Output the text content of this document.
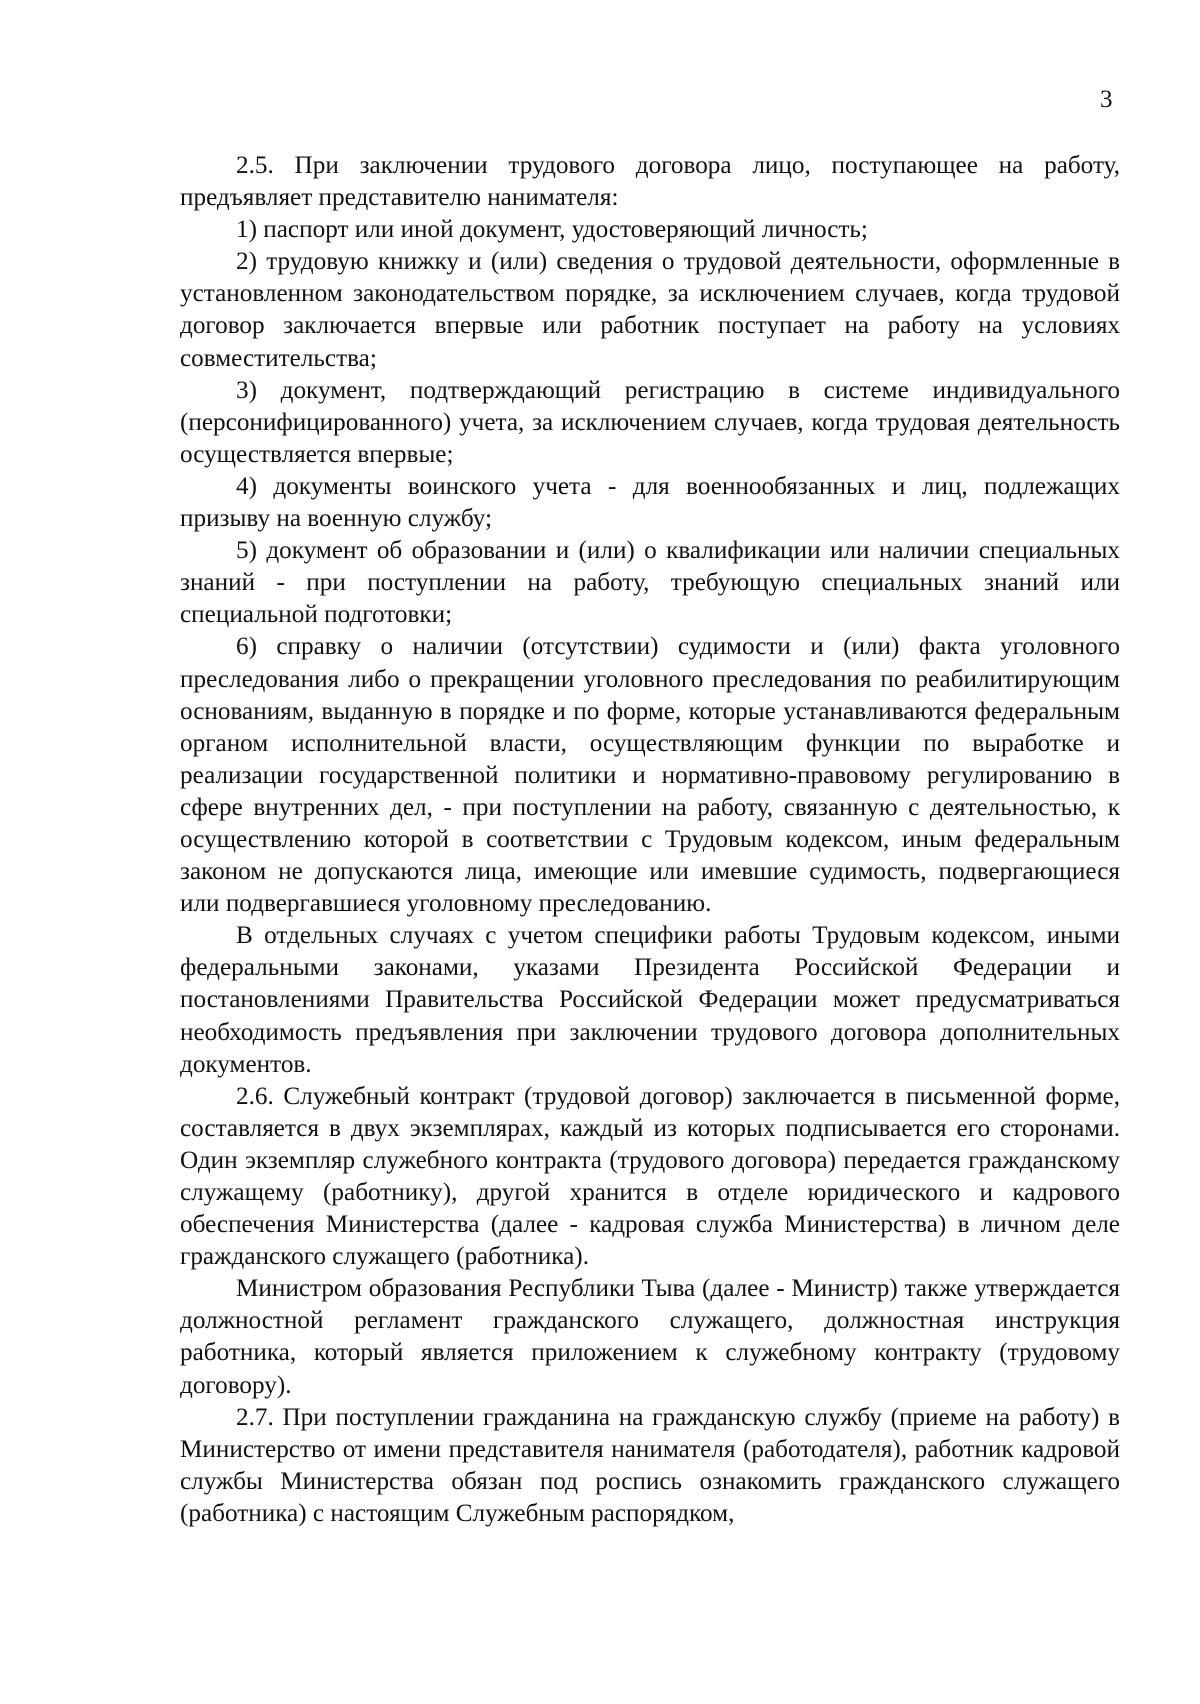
3

2.5. При заключении трудового договора лицо, поступающее на работу, предъявляет представителю нанимателя:

1) паспорт или иной документ, удостоверяющий личность;

2) трудовую книжку и (или) сведения о трудовой деятельности, оформленные в установленном законодательством порядке, за исключением случаев, когда трудовой договор заключается впервые или работник поступает на работу на условиях совместительства;

3) документ, подтверждающий регистрацию в системе индивидуального (персонифицированного) учета, за исключением случаев, когда трудовая деятельность осуществляется впервые;

4) документы воинского учета - для военнообязанных и лиц, подлежащих призыву на военную службу;

5) документ об образовании и (или) о квалификации или наличии специальных знаний - при поступлении на работу, требующую специальных знаний или специальной подготовки;

6) справку о наличии (отсутствии) судимости и (или) факта уголовного преследования либо о прекращении уголовного преследования по реабилитирующим основаниям, выданную в порядке и по форме, которые устанавливаются федеральным органом исполнительной власти, осуществляющим функции по выработке и реализации государственной политики и нормативно-правовому регулированию в сфере внутренних дел, - при поступлении на работу, связанную с деятельностью, к осуществлению которой в соответствии с Трудовым кодексом, иным федеральным законом не допускаются лица, имеющие или имевшие судимость, подвергающиеся или подвергавшиеся уголовному преследованию.

В отдельных случаях с учетом специфики работы Трудовым кодексом, иными федеральными законами, указами Президента Российской Федерации и постановлениями Правительства Российской Федерации может предусматриваться необходимость предъявления при заключении трудового договора дополнительных документов.

2.6. Служебный контракт (трудовой договор) заключается в письменной форме, составляется в двух экземплярах, каждый из которых подписывается его сторонами. Один экземпляр служебного контракта (трудового договора) передается гражданскому служащему (работнику), другой хранится в отделе юридического и кадрового обеспечения Министерства (далее - кадровая служба Министерства) в личном деле гражданского служащего (работника).

Министром образования Республики Тыва (далее - Министр) также утверждается должностной регламент гражданского служащего, должностная инструкция работника, который является приложением к служебному контракту (трудовому договору).

2.7. При поступлении гражданина на гражданскую службу (приеме на работу) в Министерство от имени представителя нанимателя (работодателя), работник кадровой службы Министерства обязан под роспись ознакомить гражданского служащего (работника) с настоящим Служебным распорядком,
